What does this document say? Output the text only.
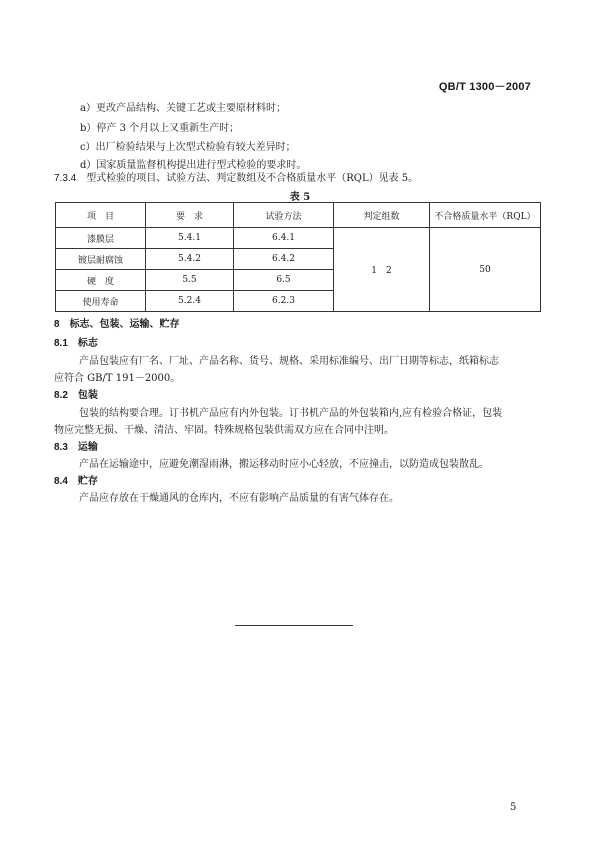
QB/T 1300－2007
a）更改产品结构、关键工艺或主要原材料时；
b）停产 3 个月以上又重新生产时；
c）出厂检验结果与上次型式检验有较大差异时；
d）国家质量监督机构提出进行型式检验的要求时。
7.3.4 型式检验的项目、试验方法、判定数组及不合格质量水平（RQL）见表 5。
表 5
项　目	要　求	试验方法	判定组数	不合格质量水平（RQL）
漆膜层	5.4.1	6.4.1	1　2	50
镀层耐腐蚀	5.4.2	6.4.2		
硬　度	5.5	6.5		
使用寿命	5.2.4	6.2.3		
8 标志、包装、运输、贮存
8.1 标志
产品包装应有厂名、厂址、产品名称、货号、规格、采用标准编号、出厂日期等标志，纸箱标志
应符合 GB/T 191－2000。
8.2 包装
包装的结构要合理。订书机产品应有内外包装。订书机产品的外包装箱内,应有检验合格证，包装
物应完整无损、干燥、清洁、牢固。特殊规格包装供需双方应在合同中注明。
8.3 运输
产品在运输途中，应避免潮湿雨淋，搬运移动时应小心轻放，不应撞击，以防造成包装散乱。
8.4 贮存
产品应存放在干燥通风的仓库内，不应有影响产品质量的有害气体存在。
5
